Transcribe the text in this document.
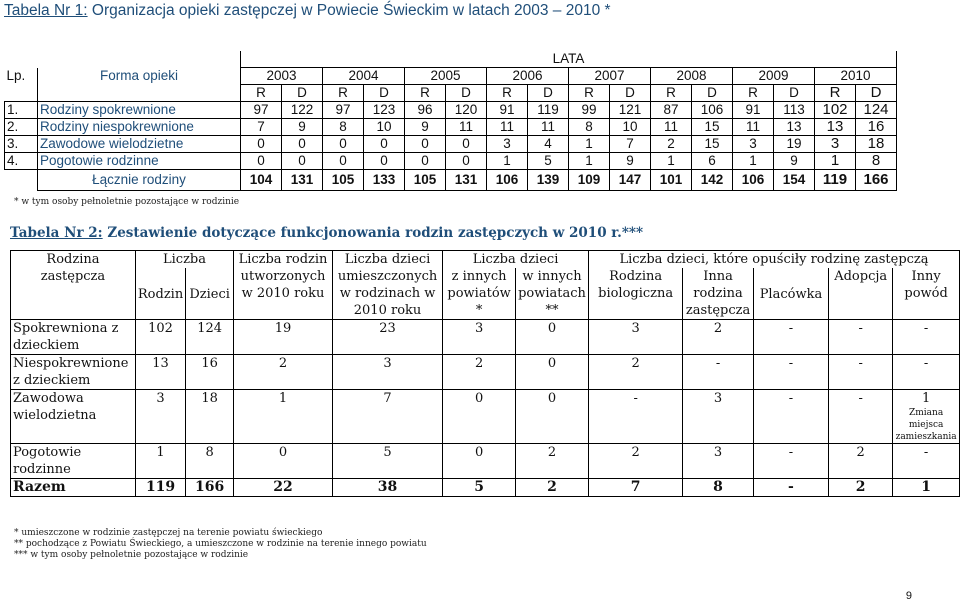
Tabela Nr 1: Organizacja opieki zastępczej w Powiecie Świeckim w latach 2003 – 2010 *
		LATA															
Lp.	Forma opieki	2003		2004		2005		2006		2007		2008		2009		2010	
		R	D	R	D	R	D	R	D	R	D	R	D	R	D	R	D
1.	Rodziny spokrewnione	97	122	97	123	96	120	91	119	99	121	87	106	91	113	102	124
2.	Rodziny niespokrewnione	7	9	8	10	9	11	11	11	8	10	11	15	11	13	13	16
3.	Zawodowe wielodzietne	0	0	0	0	0	0	3	4	1	7	2	15	3	19	3	18
4.	Pogotowie rodzinne	0	0	0	0	0	0	1	5	1	9	1	6	1	9	1	8
	Łącznie rodziny	104	131	105	133	105	131	106	139	109	147	101	142	106	154	119	166
* w tym osoby pełnoletnie pozostające w rodzinie
Tabela Nr 2: Zestawienie dotyczące funkcjonowania rodzin zastępczych w 2010 r.***
Rodzina zastępcza	Liczba		Liczba rodzin utworzonych w 2010 roku	Liczba dzieci umieszczonych w rodzinach w 2010 roku	Liczba dzieci		Liczba dzieci, które opuściły rodzinę zastępczą				
	Rodzin	Dzieci			z innych powiatów *	w innych powiatach **	Rodzina biologiczna	Inna rodzina zastępcza	Placówka	Adopcja	Inny powód

Spokrewniona z dzieckiem	102	124	19	23	3	0	3	2	-	-	-
Niespokrewnione z dzieckiem	13	16	2	3	2	0	2	-	-	-	-
Zawodowa wielodzietna	3	18	1	7	0	0	-	3	-	-	1
Zmiana miejsca zamieszkania

Pogotowie rodzinne	1	8	0	5	0	2	2	3	-	2	-
Razem	119	166	22	38	5	2	7	8	-	2	1
* umieszczone w rodzinie zastępczej na terenie powiatu świeckiego
** pochodzące z Powiatu Świeckiego, a umieszczone w rodzinie na terenie innego powiatu
*** w tym osoby pełnoletnie pozostające w rodzinie
9
